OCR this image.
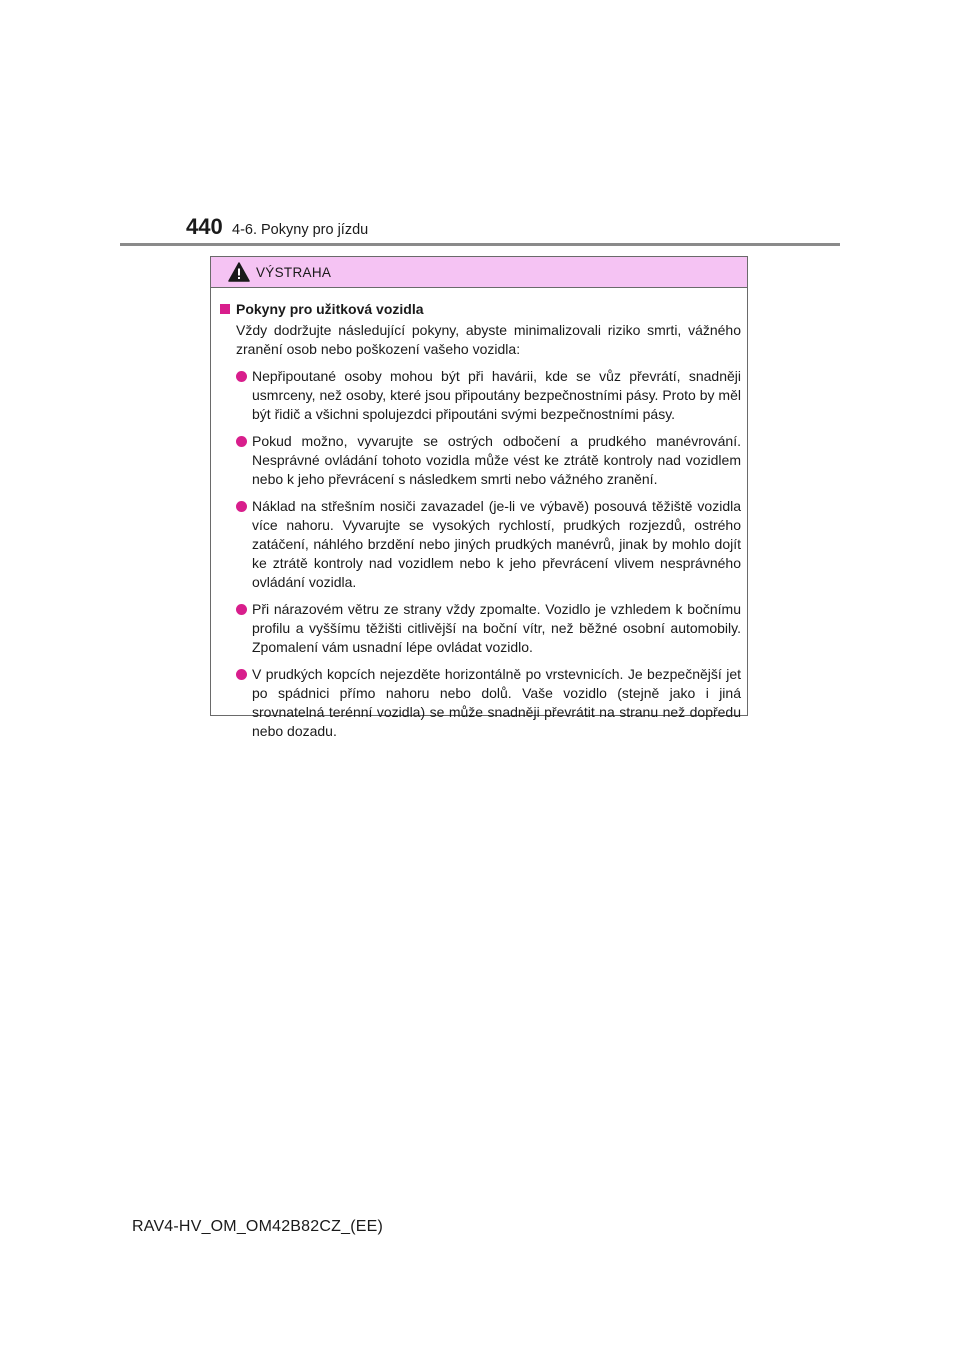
440 4-6. Pokyny pro jízdu
VÝSTRAHA
Pokyny pro užitková vozidla
Vždy dodržujte následující pokyny, abyste minimalizovali riziko smrti, vážného zranění osob nebo poškození vašeho vozidla:
Nepřipoutané osoby mohou být při havárii, kde se vůz převrátí, snadněji usmrceny, než osoby, které jsou připoutány bezpečnostními pásy. Proto by měl být řidič a všichni spolujezdci připoutáni svými bezpečnostními pásy.
Pokud možno, vyvarujte se ostrých odbočení a prudkého manévrování. Nesprávné ovládání tohoto vozidla může vést ke ztrátě kontroly nad vozidlem nebo k jeho převrácení s následkem smrti nebo vážného zranění.
Náklad na střešním nosiči zavazadel (je-li ve výbavě) posouvá těžiště vozidla více nahoru. Vyvarujte se vysokých rychlostí, prudkých rozjezdů, ostrého zatáčení, náhlého brzdění nebo jiných prudkých manévrů, jinak by mohlo dojít ke ztrátě kontroly nad vozidlem nebo k jeho převrácení vlivem nesprávného ovládání vozidla.
Při nárazovém větru ze strany vždy zpomalte. Vozidlo je vzhledem k bočnímu profilu a vyššímu těžišti citlivější na boční vítr, než běžné osobní automobily. Zpomalení vám usnadní lépe ovládat vozidlo.
V prudkých kopcích nejezděte horizontálně po vrstevnicích. Je bezpečnější jet po spádnici přímo nahoru nebo dolů. Vaše vozidlo (stejně jako i jiná srovnatelná terénní vozidla) se může snadněji převrátit na stranu než dopředu nebo dozadu.
RAV4-HV_OM_OM42B82CZ_(EE)
